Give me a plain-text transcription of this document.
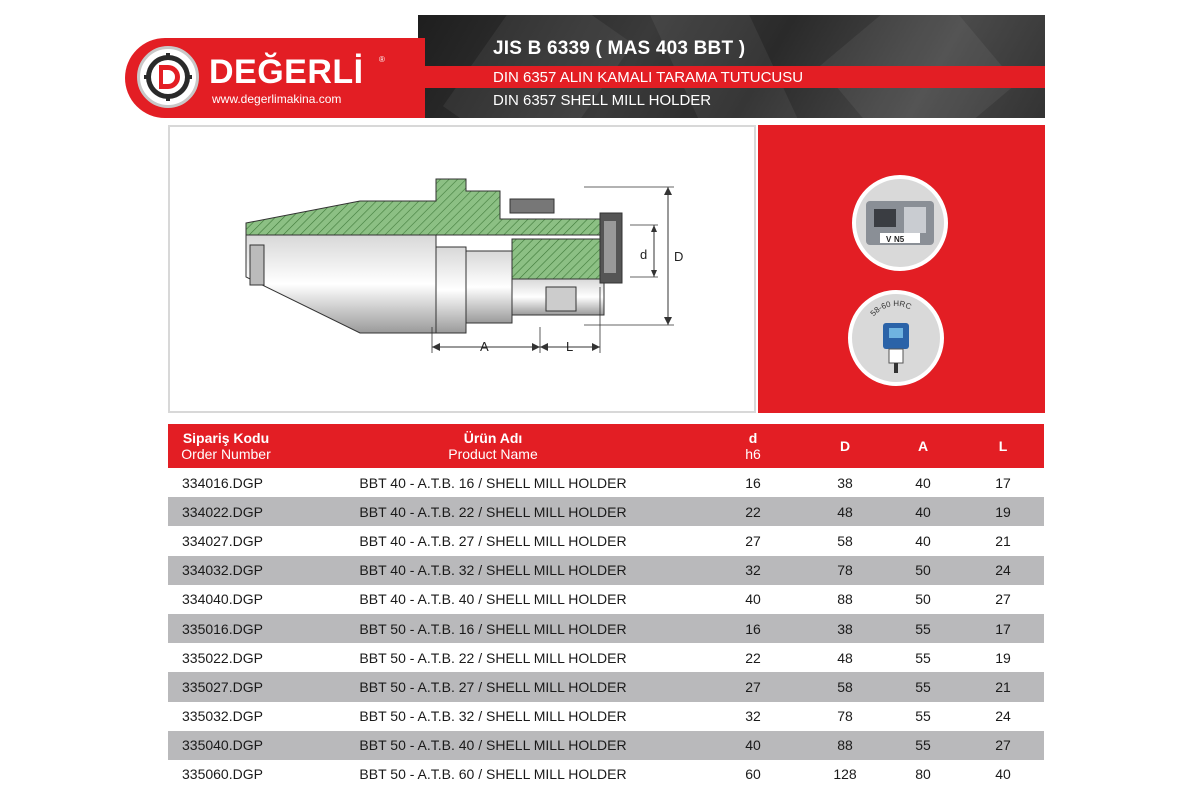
DEĞERLİ ®
www.degerlimakina.com
JIS B 6339 ( MAS 403 BBT )
DIN 6357 ALIN KAMALI TARAMA TUTUCUSU
DIN 6357 SHELL MILL HOLDER
D
d
A	L
V N5
58-60 HRC
Sipariş Kodu
Order Number
Ürün Adı
Product Name
d
h6	D	A	L
334016.DGP	BBT 40 - A.T.B. 16 / SHELL MILL HOLDER	16	38	40	17
334022.DGP	BBT 40 - A.T.B. 22 / SHELL MILL HOLDER	22	48	40	19
334027.DGP	BBT 40 - A.T.B. 27 / SHELL MILL HOLDER	27	58	40	21
334032.DGP	BBT 40 - A.T.B. 32 / SHELL MILL HOLDER	32	78	50	24
334040.DGP	BBT 40 - A.T.B. 40 / SHELL MILL HOLDER	40	88	50	27
335016.DGP	BBT 50 - A.T.B. 16 / SHELL MILL HOLDER	16	38	55	17
335022.DGP	BBT 50 - A.T.B. 22 / SHELL MILL HOLDER	22	48	55	19
335027.DGP	BBT 50 - A.T.B. 27 / SHELL MILL HOLDER	27	58	55	21
335032.DGP	BBT 50 - A.T.B. 32 / SHELL MILL HOLDER	32	78	55	24
335040.DGP	BBT 50 - A.T.B. 40 / SHELL MILL HOLDER	40	88	55	27
335060.DGP	BBT 50 - A.T.B. 60 / SHELL MILL HOLDER	60	128	80	40
